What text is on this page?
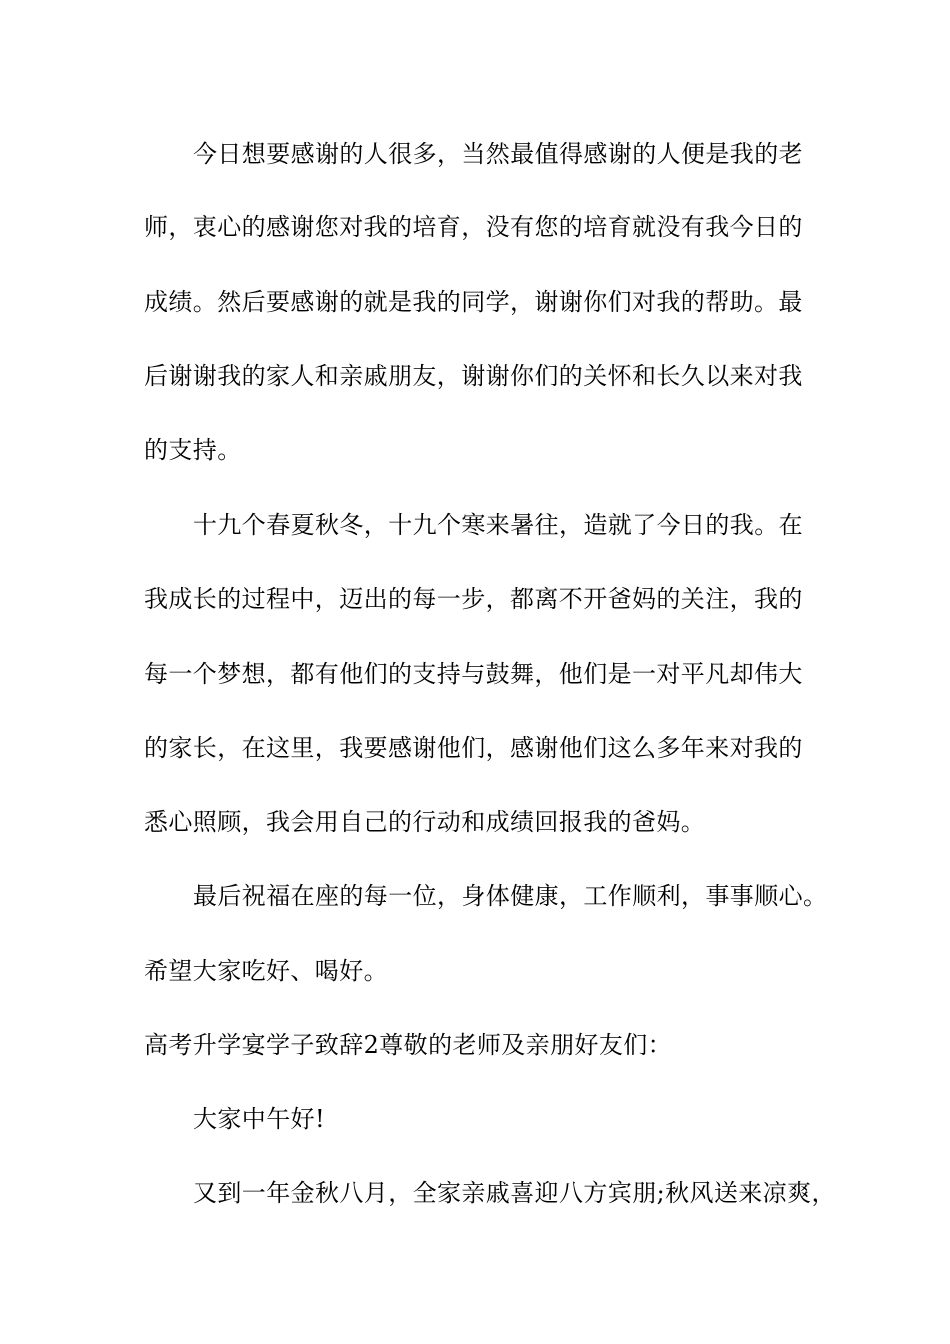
今日想要感谢的人很多，当然最值得感谢的人便是我的老
师，衷心的感谢您对我的培育，没有您的培育就没有我今日的
成绩。然后要感谢的就是我的同学，谢谢你们对我的帮助。最
后谢谢我的家人和亲戚朋友，谢谢你们的关怀和长久以来对我
的支持。
十九个春夏秋冬，十九个寒来暑往，造就了今日的我。在
我成长的过程中，迈出的每一步，都离不开爸妈的关注，我的
每一个梦想，都有他们的支持与鼓舞，他们是一对平凡却伟大
的家长，在这里，我要感谢他们，感谢他们这么多年来对我的
悉心照顾，我会用自己的行动和成绩回报我的爸妈。
最后祝福在座的每一位，身体健康，工作顺利，事事顺心。
希望大家吃好、喝好。
高考升学宴学子致辞2尊敬的老师及亲朋好友们：
大家中午好!
又到一年金秋八月，全家亲戚喜迎八方宾朋;秋风送来凉爽，
